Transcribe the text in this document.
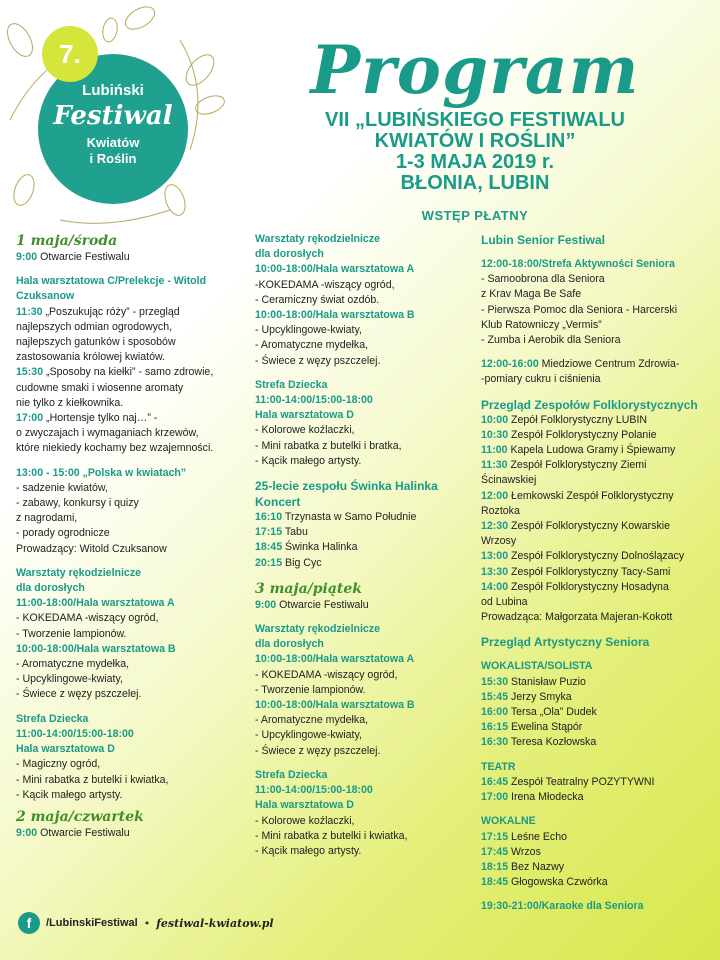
Lubiński
Festiwal
Kwiatów
i Roślin
7.	Program
VII „LUBIŃSKIEGO FESTIWALU
KWIATÓW I ROŚLIN”
1-3 MAJA 2019 r.
BŁONIA, LUBIN
WSTĘP PŁATNY
1 maja/środa
9:00 Otwarcie Festiwalu
Hala warsztatowa C/Prelekcje - Witold
Czuksanow
11:30 „Poszukując róży” - przegląd
najlepszych odmian ogrodowych,
najlepszych gatunków i sposobów
zastosowania królowej kwiatów.
15:30 „Sposoby na kiełki” - samo zdrowie,
cudowne smaki i wiosenne aromaty
nie tylko z kiełkownika.
17:00 „Hortensje tylko naj…” -
o zwyczajach i wymaganiach krzewów,
które niekiedy kochamy bez wzajemności.
13:00 - 15:00 „Polska w kwiatach”
- sadzenie kwiatów,
- zabawy, konkursy i quizy
z nagrodami,
- porady ogrodnicze
Prowadzący: Witold Czuksanow
Warsztaty rękodzielnicze
dla dorosłych
11:00-18:00/Hala warsztatowa A
- KOKEDAMA -wiszący ogród,
- Tworzenie lampionów.
10:00-18:00/Hala warsztatowa B
- Aromatyczne mydełka,
- Upcyklingowe-kwiaty,
- Świece z węzy pszczelej.
Strefa Dziecka
11:00-14:00/15:00-18:00
Hala warsztatowa D
- Magiczny ogród,
- Mini rabatka z butelki i kwiatka,
- Kącik małego artysty.
2 maja/czwartek
9:00 Otwarcie Festiwalu
Warsztaty rękodzielnicze
dla dorosłych
10:00-18:00/Hala warsztatowa A
-KOKEDAMA -wiszący ogród,
- Ceramiczny świat ozdób.
10:00-18:00/Hala warsztatowa B
- Upcyklingowe-kwiaty,
- Aromatyczne mydełka,
- Świece z węzy pszczelej.
Strefa Dziecka
11:00-14:00/15:00-18:00
Hala warsztatowa D
- Kolorowe koźlaczki,
- Mini rabatka z butelki i bratka,
- Kącik małego artysty.
25-lecie zespołu Świnka Halinka
Koncert
16:10 Trzynasta w Samo Południe
17:15 Tabu
18:45 Świnka Halinka
20:15 Big Cyc
3 maja/piątek
9:00 Otwarcie Festiwalu
Warsztaty rękodzielnicze
dla dorosłych
10:00-18:00/Hala warsztatowa A
- KOKEDAMA -wiszący ogród,
- Tworzenie lampionów.
10:00-18:00/Hala warsztatowa B
- Aromatyczne mydełka,
- Upcyklingowe-kwiaty,
- Świece z węzy pszczelej.
Strefa Dziecka
11:00-14:00/15:00-18:00
Hala warsztatowa D
- Kolorowe koźlaczki,
- Mini rabatka z butelki i kwiatka,
- Kącik małego artysty.
Lubin Senior Festiwal
12:00-18:00/Strefa Aktywności Seniora
- Samoobrona dla Seniora
z Krav Maga Be Safe
- Pierwsza Pomoc dla Seniora - Harcerski
Klub Ratowniczy „Vermis”
- Zumba i Aerobik dla Seniora
12:00-16:00 Miedziowe Centrum Zdrowia-
-pomiary cukru i ciśnienia
Przegląd Zespołów Folklorystycznych
10:00 Zepół Folklorystyczny LUBIN
10:30 Zespół Folklorystyczny Polanie
11:00 Kapela Ludowa Gramy i Śpiewamy
11:30 Zespół Folklorystyczny Ziemi
Ścinawskiej
12:00 Łemkowski Zespół Folklorystyczny
Roztoka
12:30 Zespół Folklorystyczny Kowarskie
Wrzosy
13:00 Zespół Folklorystyczny Dolnoślązacy
13:30 Zespół Folklorystyczny Tacy-Sami
14:00 Zespół Folklorystyczny Hosadyna
od Lubina
Prowadząca: Małgorzata Majeran-Kokott
Przegląd Artystyczny Seniora
WOKALISTA/SOLISTA
15:30 Stanisław Puzio
15:45 Jerzy Smyka
16:00 Tersa „Ola” Dudek
16:15 Ewelina Stąpór
16:30 Teresa Kozłowska
TEATR
16:45 Zespół Teatralny POZYTYWNI
17:00 Irena Młodecka
WOKALNE
17:15 Leśne Echo
17:45 Wrzos
18:15 Bez Nazwy
18:45 Głogowska Czwórka
19:30-21:00/Karaoke dla Seniora
f	/LubinskiFestiwal • festiwal-kwiatow.pl
